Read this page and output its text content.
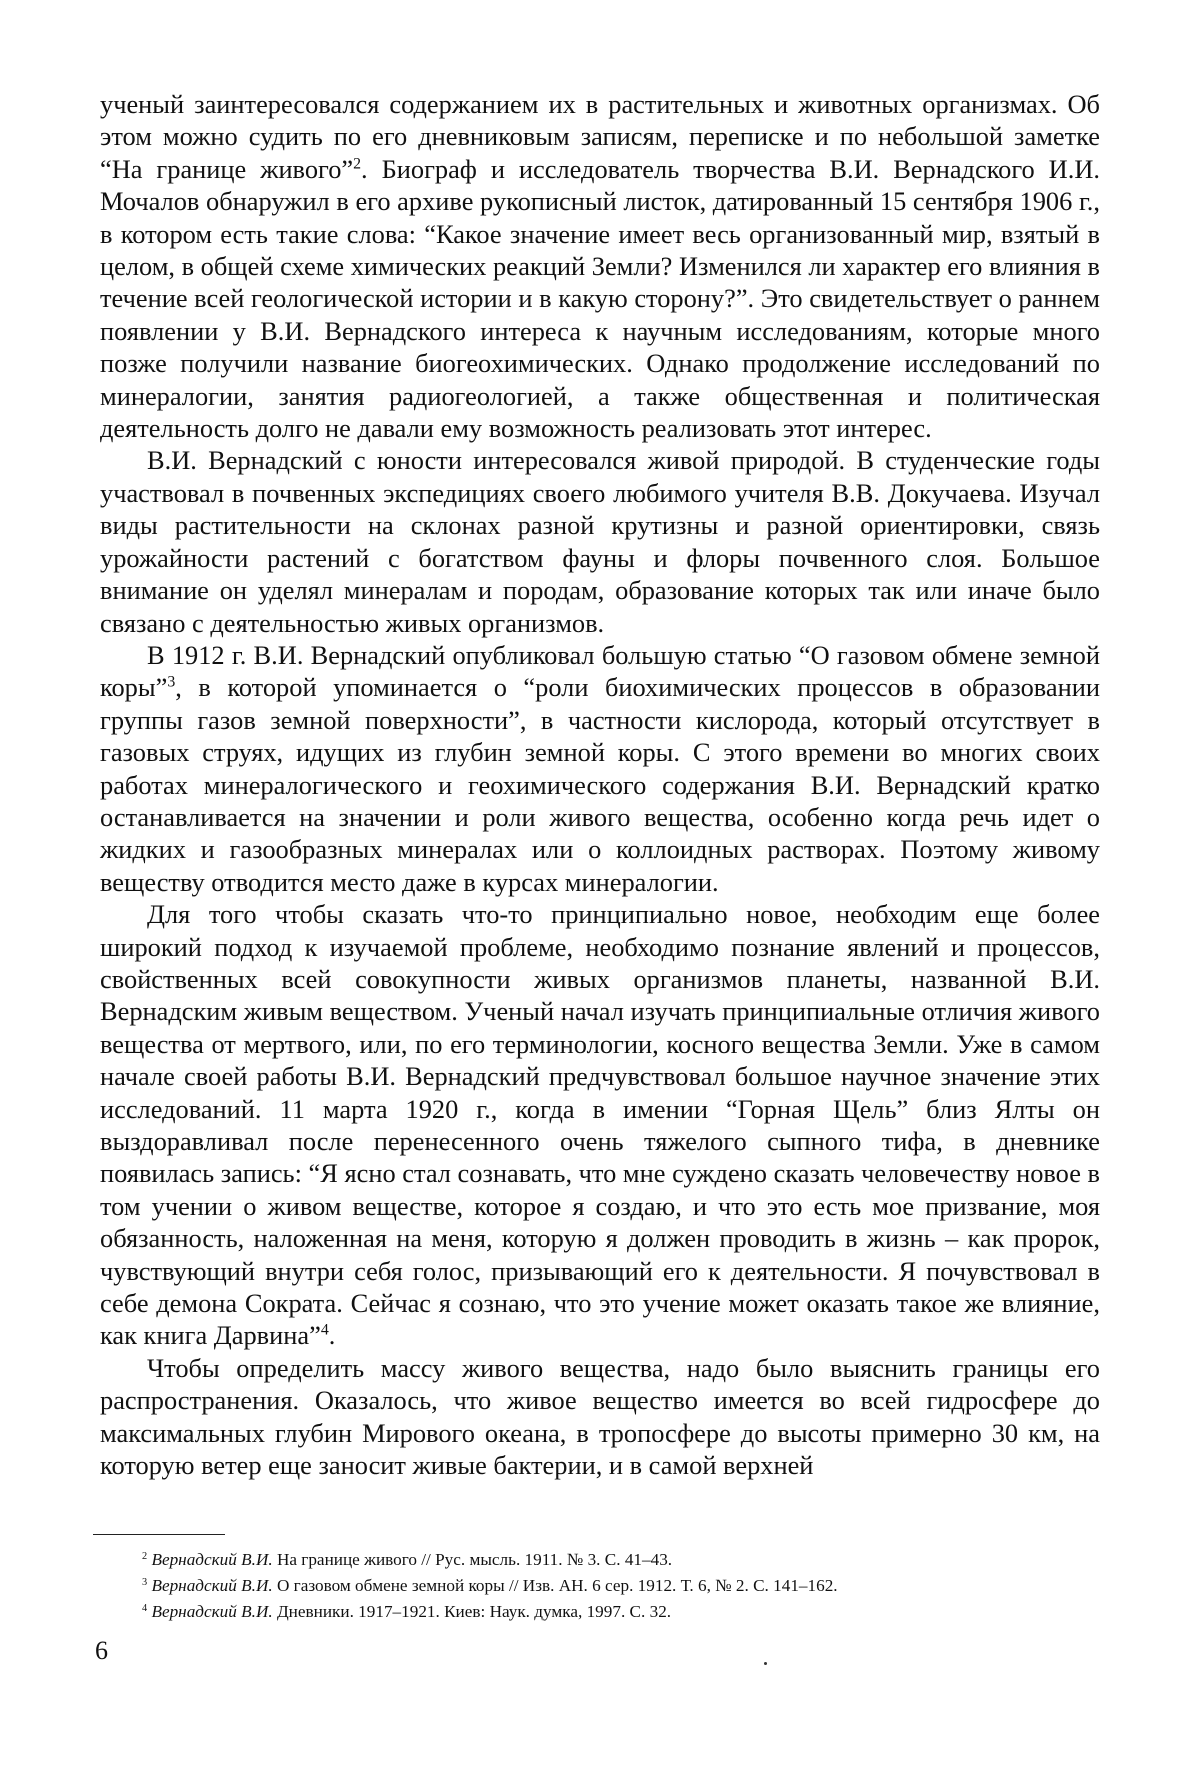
ученый заинтересовался содержанием их в растительных и животных организмах. Об этом можно судить по его дневниковым записям, переписке и по небольшой заметке “На границе живого”$^2$. Биограф и исследователь творчества В.И. Вернадского И.И. Мочалов обнаружил в его архиве рукописный листок, датированный 15 сентября 1906 г., в котором есть такие слова: “Какое значение имеет весь организованный мир, взятый в целом, в общей схеме химических реакций Земли? Изменился ли характер его влияния в течение всей геологической истории и в какую сторону?”. Это свидетельствует о раннем появлении у В.И. Вернадского интереса к научным исследованиям, которые много позже получили название биогеохимических. Однако продолжение исследований по минералогии, занятия радиогеологией, а также общественная и политическая деятельность долго не давали ему возможность реализовать этот интерес.

В.И. Вернадский с юности интересовался живой природой. В студенческие годы участвовал в почвенных экспедициях своего любимого учителя В.В. Докучаева. Изучал виды растительности на склонах разной крутизны и разной ориентировки, связь урожайности растений с богатством фауны и флоры почвенного слоя. Большое внимание он уделял минералам и породам, образование которых так или иначе было связано с деятельностью живых организмов.

В 1912 г. В.И. Вернадский опубликовал большую статью “О газовом обмене земной коры”$^3$, в которой упоминается о “роли биохимических процессов в образовании группы газов земной поверхности”, в частности кислорода, который отсутствует в газовых струях, идущих из глубин земной коры. С этого времени во многих своих работах минералогического и геохимического содержания В.И. Вернадский кратко останавливается на значении и роли живого вещества, особенно когда речь идет о жидких и газообразных минералах или о коллоидных растворах. Поэтому живому веществу отводится место даже в курсах минералогии.

Для того чтобы сказать что-то принципиально новое, необходим еще более широкий подход к изучаемой проблеме, необходимо познание явлений и процессов, свойственных всей совокупности живых организмов планеты, названной В.И. Вернадским живым веществом. Ученый начал изучать принципиальные отличия живого вещества от мертвого, или, по его терминологии, косного вещества Земли. Уже в самом начале своей работы В.И. Вернадский предчувствовал большое научное значение этих исследований. 11 марта 1920 г., когда в имении “Горная Щель” близ Ялты он выздоравливал после перенесенного очень тяжелого сыпного тифа, в дневнике появилась запись: “Я ясно стал сознавать, что мне суждено сказать человечеству новое в том учении о живом веществе, которое я создаю, и что это есть мое призвание, моя обязанность, наложенная на меня, которую я должен проводить в жизнь – как пророк, чувствующий внутри себя голос, призывающий его к деятельности. Я почувствовал в себе демона Сократа. Сейчас я сознаю, что это учение может оказать такое же влияние, как книга Дарвина”$^4$.

Чтобы определить массу живого вещества, надо было выяснить границы его распространения. Оказалось, что живое вещество имеется во всей гидросфере до максимальных глубин Мирового океана, в тропосфере до высоты примерно 30 км, на которую ветер еще заносит живые бактерии, и в самой верхней

$^2$ Вернадский В.И. На границе живого // Рус. мысль. 1911. № 3. С. 41–43.

$^3$ Вернадский В.И. О газовом обмене земной коры // Изв. АН. 6 сер. 1912. Т. 6, № 2. С. 141–162.

$^4$ Вернадский В.И. Дневники. 1917–1921. Киев: Наук. думка, 1997. С. 32.

6
